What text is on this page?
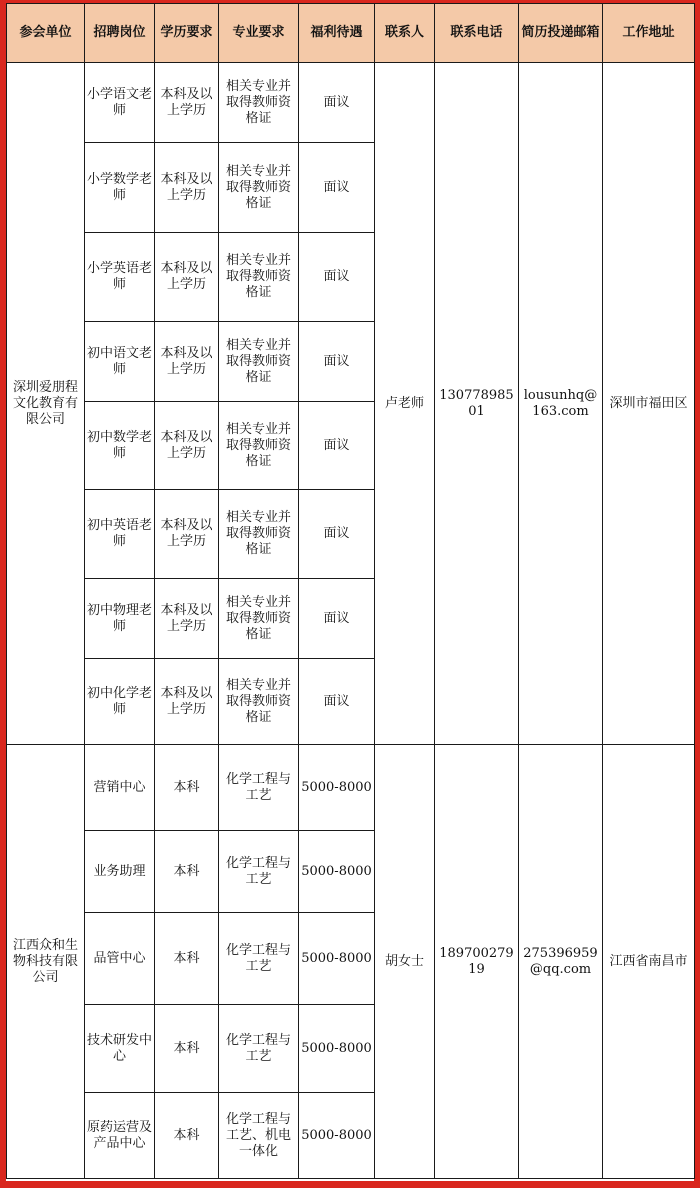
参会单位	招聘岗位	学历要求	专业要求	福利待遇	联系人	联系电话	简历投递邮箱	工作地址
深圳爱朋程文化教育有限公司	小学语文老师	本科及以上学历	相关专业并取得教师资格证	面议	卢老师	13077898501	lousunhq@163.com	深圳市福田区
	小学数学老师	本科及以上学历	相关专业并取得教师资格证	面议				
	小学英语老师	本科及以上学历	相关专业并取得教师资格证	面议				
	初中语文老师	本科及以上学历	相关专业并取得教师资格证	面议				
	初中数学老师	本科及以上学历	相关专业并取得教师资格证	面议				
	初中英语老师	本科及以上学历	相关专业并取得教师资格证	面议				
	初中物理老师	本科及以上学历	相关专业并取得教师资格证	面议				
	初中化学老师	本科及以上学历	相关专业并取得教师资格证	面议				
江西众和生物科技有限公司	营销中心	本科	化学工程与工艺	5000-8000	胡女士	18970027919	275396959@qq.com	江西省南昌市
	业务助理	本科	化学工程与工艺	5000-8000				
	品管中心	本科	化学工程与工艺	5000-8000				
	技术研发中心	本科	化学工程与工艺	5000-8000				
	原药运营及产品中心	本科	化学工程与工艺、机电一体化	5000-8000				
